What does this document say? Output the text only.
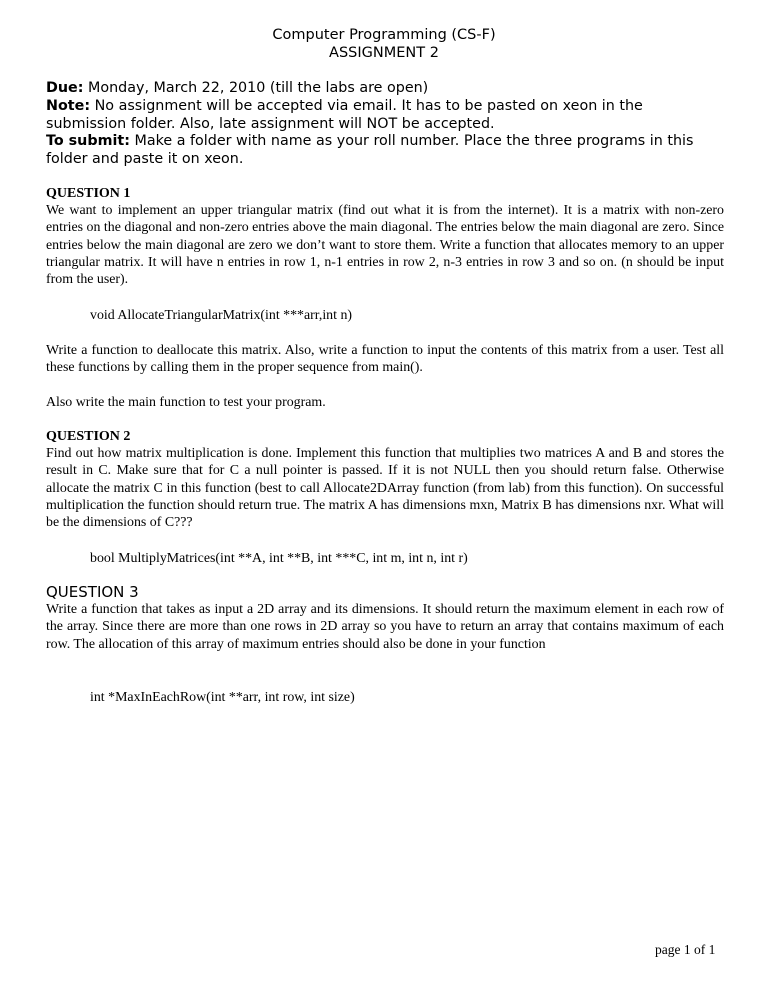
Computer Programming (CS-F)
ASSIGNMENT 2
Due: Monday, March 22, 2010 (till the labs are open)
Note: No assignment will be accepted via email. It has to be pasted on xeon in the submission folder. Also, late assignment will NOT be accepted.
To submit: Make a folder with name as your roll number. Place the three programs in this folder and paste it on xeon.
QUESTION 1
We want to implement an upper triangular matrix (find out what it is from the internet). It is a matrix with non-zero entries on the diagonal and non-zero entries above the main diagonal. The entries below the main diagonal are zero. Since entries below the main diagonal are zero we don’t want to store them. Write a function that allocates memory to an upper triangular matrix. It will have n entries in row 1, n-1 entries in row 2, n-3 entries in row 3 and so on. (n should be input from the user).
void AllocateTriangularMatrix(int ***arr,int n)
Write a function to deallocate this matrix. Also, write a function to input the contents of this matrix from a user. Test all these functions by calling them in the proper sequence from main().
Also write the main function to test your program.
QUESTION 2
Find out how matrix multiplication is done. Implement this function that multiplies two matrices A and B and stores the result in C. Make sure that for C a null pointer is passed. If it is not NULL then you should return false. Otherwise allocate the matrix C in this function (best to call Allocate2DArray function (from lab) from this function). On successful multiplication the function should return true. The matrix A has dimensions mxn, Matrix B has dimensions nxr. What will be the dimensions of C???
bool MultiplyMatrices(int **A, int **B, int ***C, int m, int n, int r)
QUESTION 3
Write a function that takes as input a 2D array and its dimensions. It should return the maximum element in each row of the array. Since there are more than one rows in 2D array so you have to return an array that contains maximum of each row. The allocation of this array of maximum entries should also be done in your function
int *MaxInEachRow(int **arr, int row, int size)
page 1 of 1
